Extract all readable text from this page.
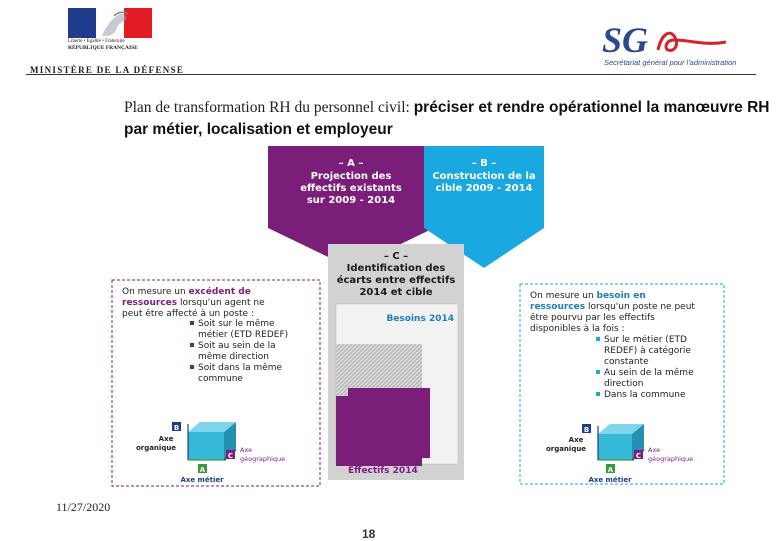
Liberté • Égalité • Fraternité
RÉPUBLIQUE FRANÇAISE
MINISTÈRE DE LA DÉFENSE
SG
Secrétariat général pour l'administration
Plan de transformation RH du personnel civil: préciser et rendre opérationnel la manœuvre RH par métier, localisation et employeur
– A –
Projection des
effectifs existants
sur 2009 - 2014
– B –
Construction de la
cible 2009 - 2014
– C –
Identification des
écarts entre effectifs
2014 et cible
Besoins 2014
Effectifs 2014
On mesure un excédent de
ressources lorsqu'un agent ne
peut être affecté à un poste :
Soit sur le même
métier (ETD REDEF)
Soit au sein de la
même direction
Soit dans la même
commune
B
Axe
organique
C
Axe
géographique
A
Axe métier
On mesure un besoin en
ressources lorsqu'un poste ne peut
être pourvu par les effectifs
disponibles à la fois :
Sur le métier (ETD
REDEF) à catégorie
constante
Au sein de la même
direction
Dans la commune
B
Axe
organique
C
Axe
géographique
A
Axe métier
11/27/2020
18
